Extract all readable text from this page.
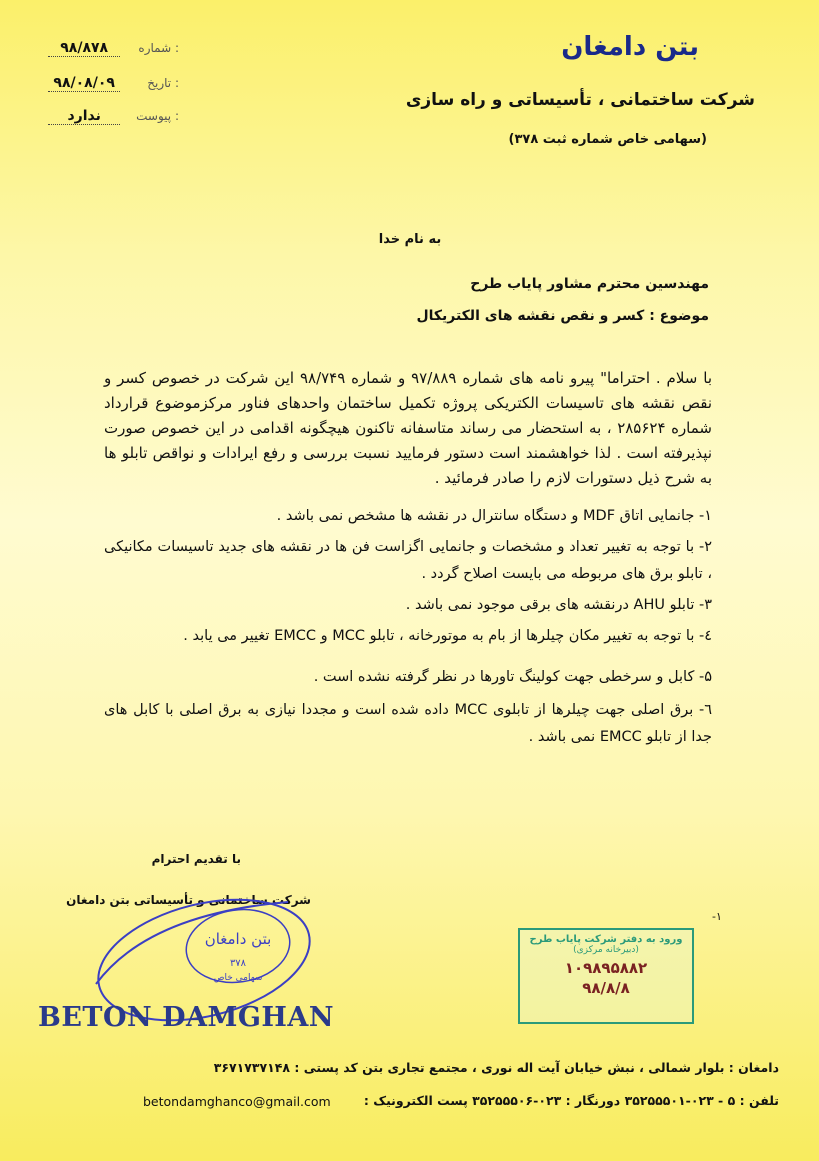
بتن دامغان
شرکت ساختمانی ، تأسیساتی و راه سازی
(سهامی خاص شماره ثبت ۳۷۸)
۹۸/۸۷۸	شماره :
۹۸/۰۸/۰۹	تاریخ :
ندارد	پیوست :
به نام خدا
مهندسین محترم مشاور پایاب طرح
موضوع : کسر و نقص نقشه های الکتریکال
با سلام . احتراما" پیرو نامه های شماره ۹۷/۸۸۹ و شماره ۹۸/۷۴۹ این شرکت در خصوص کسر و نقص نقشه های تاسیسات الکتریکی پروژه تکمیل ساختمان واحدهای فناور مرکزموضوع قرارداد شماره ۲۸۵۶۲۴ ، به استحضار می رساند متاسفانه تاکنون هیچگونه اقدامی در این خصوص صورت نپذیرفته است . لذا خواهشمند است دستور فرمایید نسبت بررسی و رفع ایرادات و نواقص تابلو ها به شرح ذیل دستورات لازم را صادر فرمائید .
۱- جانمایی اتاق MDF و دستگاه سانترال در نقشه ها مشخص نمی باشد .
۲- با توجه به تغییر تعداد و مشخصات و جانمایی اگزاست فن ها در نقشه های جدید تاسیسات مکانیکی ، تابلو برق های مربوطه می بایست اصلاح گردد .
۳- تابلو AHU درنقشه های برقی موجود نمی باشد .
٤- با توجه به تغییر مکان چیلرها از بام به موتورخانه ، تابلو MCC و EMCC تغییر می یابد .
۵- کابل و سرخطی جهت کولینگ تاورها در نظر گرفته نشده است .
٦- برق اصلی جهت چیلرها از تابلوی MCC داده شده است و مجددا نیازی به برق اصلی با کابل های جدا از تابلو EMCC نمی باشد .
با تقدیم احترام
شرکت ساختمانی و تأسیساتی بتن دامغان
بتن دامغان
۳۷۸
سهامی خاص
ورود به دفتر شرکت پایاب طرح
(دبیرخانه مرکزی)
۱۰۹۸۹۵۸۸۲
۹۸/۸/۸
-۱
BETON DAMGHAN
دامغان : بلوار شمالی ، نبش خیابان آیت اله نوری ، مجتمع تجاری بتن کد پستی : ۳۶۷۱۷۳۷۱۴۸
تلفن : ۵ - ۰۲۳-۳۵۲۵۵۵۰۱ دورنگار : ۰۲۳-۳۵۲۵۵۵۰۶ پست الکترونیک :
betondamghanco@gmail.com
